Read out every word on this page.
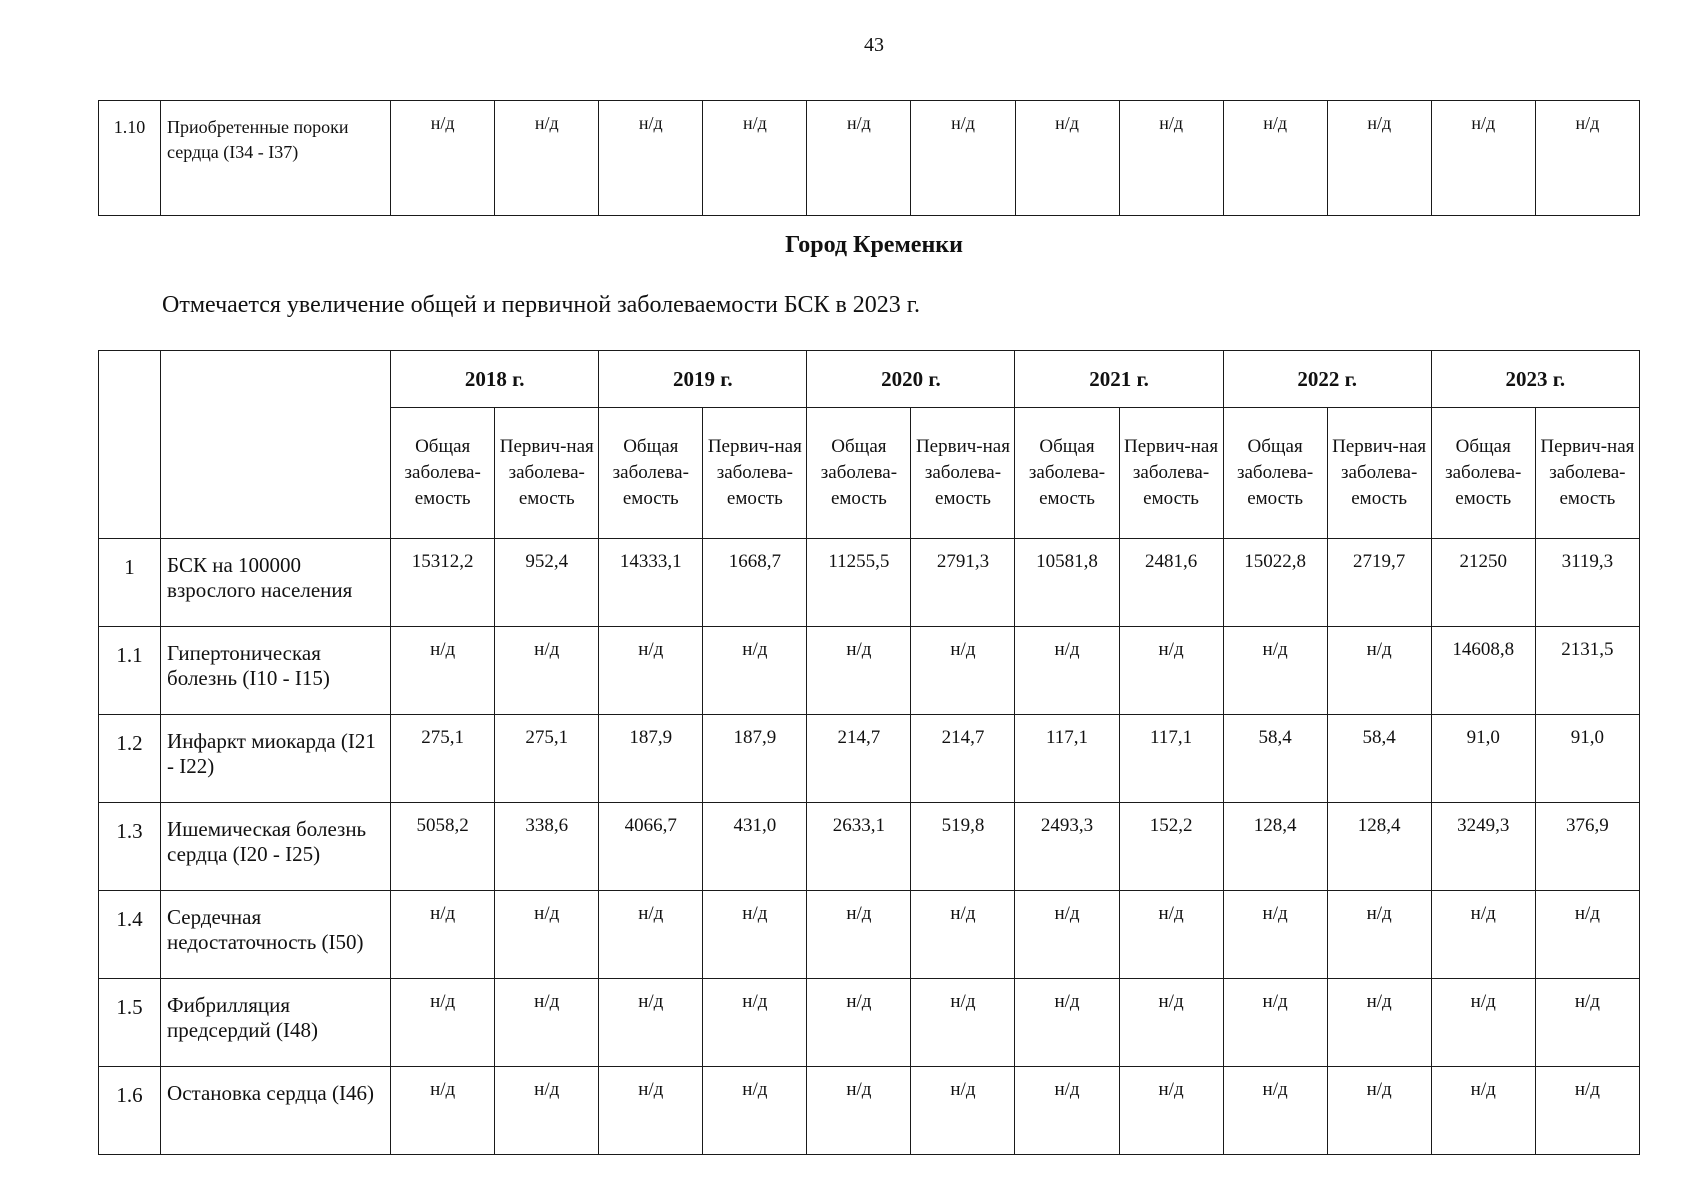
43
1.10	Приобретенные пороки сердца (I34 - I37)	н/д	н/д	н/д	н/д	н/д	н/д	н/д	н/д	н/д	н/д	н/д	н/д
Город Кременки
Отмечается увеличение общей и первичной заболеваемости БСК в 2023 г.
		2018 г.		2019 г.		2020 г.		2021 г.		2022 г.		2023 г.	
		Общая заболева-емость	Первич-ная заболева-емость	Общая заболева-емость	Первич-ная заболева-емость	Общая заболева-емость	Первич-ная заболева-емость	Общая заболева-емость	Первич-ная заболева-емость	Общая заболева-емость	Первич-ная заболева-емость	Общая заболева-емость	Первич-ная заболева-емость
1	БСК на 100000 взрослого населения	15312,2	952,4	14333,1	1668,7	11255,5	2791,3	10581,8	2481,6	15022,8	2719,7	21250	3119,3
1.1	Гипертоническая болезнь (I10 - I15)	н/д	н/д	н/д	н/д	н/д	н/д	н/д	н/д	н/д	н/д	14608,8	2131,5
1.2	Инфаркт миокарда (I21 - I22)	275,1	275,1	187,9	187,9	214,7	214,7	117,1	117,1	58,4	58,4	91,0	91,0
1.3	Ишемическая болезнь сердца (I20 - I25)	5058,2	338,6	4066,7	431,0	2633,1	519,8	2493,3	152,2	128,4	128,4	3249,3	376,9
1.4	Сердечная недостаточность (I50)	н/д	н/д	н/д	н/д	н/д	н/д	н/д	н/д	н/д	н/д	н/д	н/д
1.5	Фибрилляция предсердий (I48)	н/д	н/д	н/д	н/д	н/д	н/д	н/д	н/д	н/д	н/д	н/д	н/д
1.6	Остановка сердца (I46)	н/д	н/д	н/д	н/д	н/д	н/д	н/д	н/д	н/д	н/д	н/д	н/д
